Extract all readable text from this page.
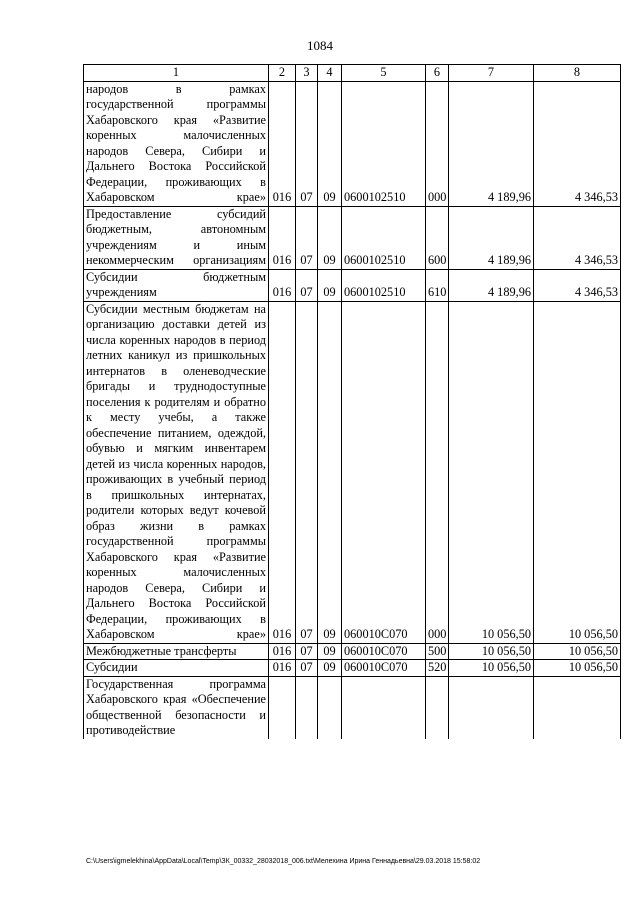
1084
1	2	3	4	5	6	7	8
народов в рамках государственной программы Хабаровского края «Развитие коренных малочисленных народов Севера, Сибири и Дальнего Востока Российской Федерации, проживающих в Хабаровском крае»	016	07	09	0600102510	000	4 189,96	4 346,53
Предоставление субсидий бюджетным, автономным учреждениям и иным некоммерческим организациям	016	07	09	0600102510	600	4 189,96	4 346,53
Субсидии бюджетным учреждениям	016	07	09	0600102510	610	4 189,96	4 346,53
Субсидии местным бюджетам на организацию доставки детей из числа коренных народов в период летних каникул из пришкольных интернатов в оленеводческие бригады и труднодоступные поселения к родителям и обратно к месту учебы, а также обеспечение питанием, одеждой, обувью и мягким инвентарем детей из числа коренных народов, проживающих в учебный период в пришкольных интернатах, родители которых ведут кочевой образ жизни в рамках государственной программы Хабаровского края «Развитие коренных малочисленных народов Севера, Сибири и Дальнего Востока Российской Федерации, проживающих в Хабаровском крае»	016	07	09	060010С070	000	10 056,50	10 056,50
Межбюджетные трансферты	016	07	09	060010С070	500	10 056,50	10 056,50
Субсидии	016	07	09	060010С070	520	10 056,50	10 056,50
Государственная программа Хабаровского края «Обеспечение общественной безопасности и противодействие							
C:\Users\igmelekhina\AppData\Local\Temp\ЗК_00332_28032018_006.txt\Мелехина Ирина Геннадьевна\29.03.2018 15:58:02
